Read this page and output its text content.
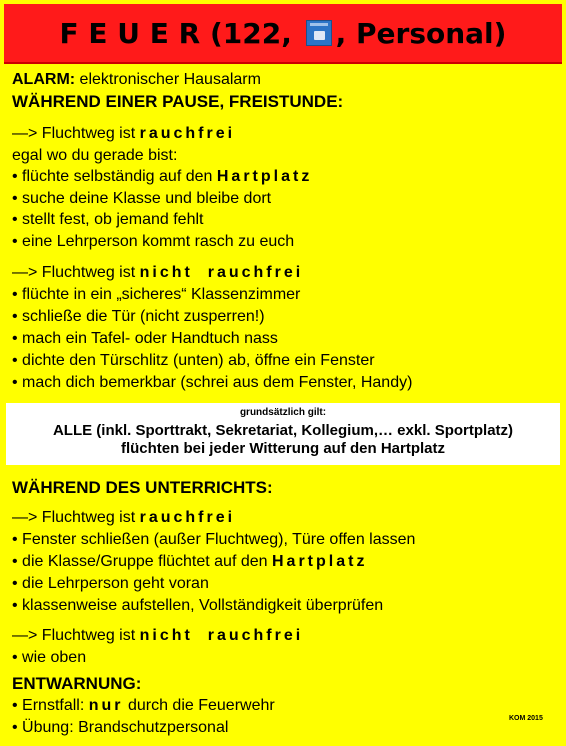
F E U E R (122, , Personal)
ALARM: elektronischer Hausalarm
WÄHREND EINER PAUSE, FREISTUNDE:
—> Fluchtweg ist rauchfrei
egal wo du gerade bist:
• flüchte selbständig auf den Hartplatz
• suche deine Klasse und bleibe dort
• stellt fest, ob jemand fehlt
• eine Lehrperson kommt rasch zu euch
—> Fluchtweg ist nicht  rauchfrei
• flüchte in ein „sicheres“ Klassenzimmer
• schließe die Tür (nicht zusperren!)
• mach ein Tafel- oder Handtuch nass
• dichte den Türschlitz (unten) ab, öffne ein Fenster
• mach dich bemerkbar (schrei aus dem Fenster, Handy)
grundsätzlich gilt:
ALLE (inkl. Sporttrakt, Sekretariat, Kollegium,… exkl. Sportplatz)
flüchten bei jeder Witterung auf den Hartplatz
WÄHREND DES UNTERRICHTS:
—> Fluchtweg ist rauchfrei
• Fenster schließen (außer Fluchtweg), Türe offen lassen
• die Klasse/Gruppe flüchtet auf den Hartplatz
• die Lehrperson geht voran
• klassenweise aufstellen, Vollständigkeit überprüfen
—> Fluchtweg ist nicht  rauchfrei
• wie oben
ENTWARNUNG:
• Ernstfall: nur durch die Feuerwehr
• Übung: Brandschutzpersonal
KOM 2015
